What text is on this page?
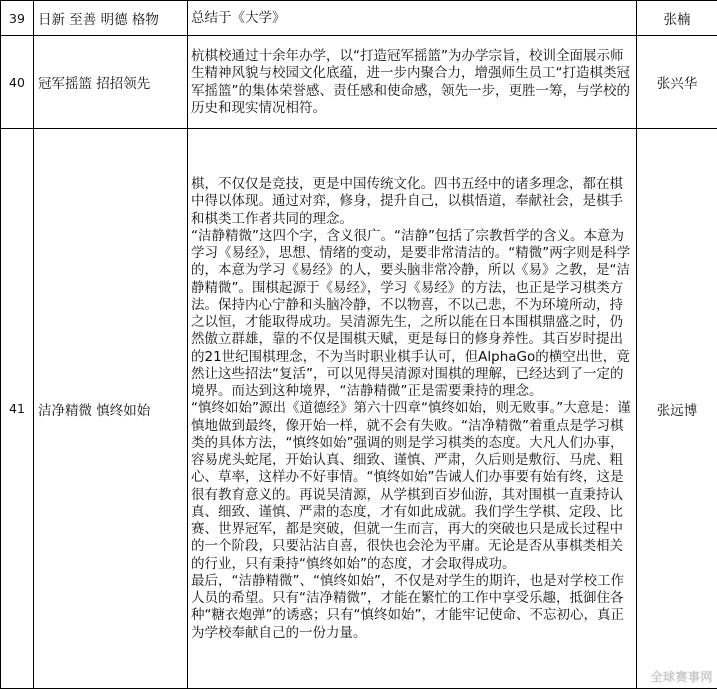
39	日新 至善 明德 格物	总结于《大学》	张楠
40	冠军摇篮 招招领先	杭棋校通过十余年办学，以“打造冠军摇篮”为办学宗旨，校训全面展示师生精神风貌与校园文化底蕴，进一步内聚合力，增强师生员工“打造棋类冠军摇篮”的集体荣誉感、责任感和使命感，领先一步，更胜一筹，与学校的历史和现实情况相符。	张兴华
41	洁净精微 慎终如始	棋，不仅仅是竞技，更是中国传统文化。四书五经中的诸多理念，都在棋中得以体现。通过对弈，修身，提升自己，以棋悟道，奉献社会，是棋手和棋类工作者共同的理念。

“洁静精微”这四个字，含义很广。“洁静”包括了宗教哲学的含义。本意为学习《易经》，思想、情绪的变动，是要非常清洁的。“精微”两字则是科学的，本意为学习《易经》的人，要头脑非常冷静，所以《易》之教，是“洁静精微”。围棋起源于《易经》，学习《易经》的方法，也正是学习棋类方法。保持内心宁静和头脑冷静，不以物喜，不以己悲，不为环境所动，持之以恒，才能取得成功。吴清源先生，之所以能在日本围棋鼎盛之时，仍然傲立群雄，靠的不仅是围棋天赋，更是每日的修身养性。其百岁时提出的21世纪围棋理念，不为当时职业棋手认可，但AlphaGo的横空出世，竟然让这些招法“复活”，可以见得吴清源对围棋的理解，已经达到了一定的境界。而达到这种境界，“洁静精微”正是需要秉持的理念。

“慎终如始”源出《道德经》第六十四章“慎终如始，则无败事。”大意是：谨慎地做到最终，像开始一样，就不会有失败。“洁净精微”着重点是学习棋类的具体方法，“慎终如始”强调的则是学习棋类的态度。大凡人们办事，容易虎头蛇尾，开始认真、细致、谨慎、严肃，久后则是敷衍、马虎、粗心、草率，这样办不好事情。“慎终如始”告诫人们办事要有始有终，这是很有教育意义的。再说吴清源，从学棋到百岁仙游，其对围棋一直秉持认真、细致、谨慎、严肃的态度，才有如此成就。我们学生学棋、定段、比赛、世界冠军，都是突破，但就一生而言，再大的突破也只是成长过程中的一个阶段，只要沾沾自喜，很快也会沦为平庸。无论是否从事棋类相关的行业，只有秉持“慎终如始”的态度，才会取得成功。

最后，“洁静精微”、“慎终如始”，不仅是对学生的期许，也是对学校工作人员的希望。只有“洁净精微”，才能在繁忙的工作中享受乐趣，抵御住各种“糖衣炮弹”的诱惑；只有“慎终如始”，才能牢记使命、不忘初心，真正为学校奉献自己的一份力量。	张远博
全球赛事网
